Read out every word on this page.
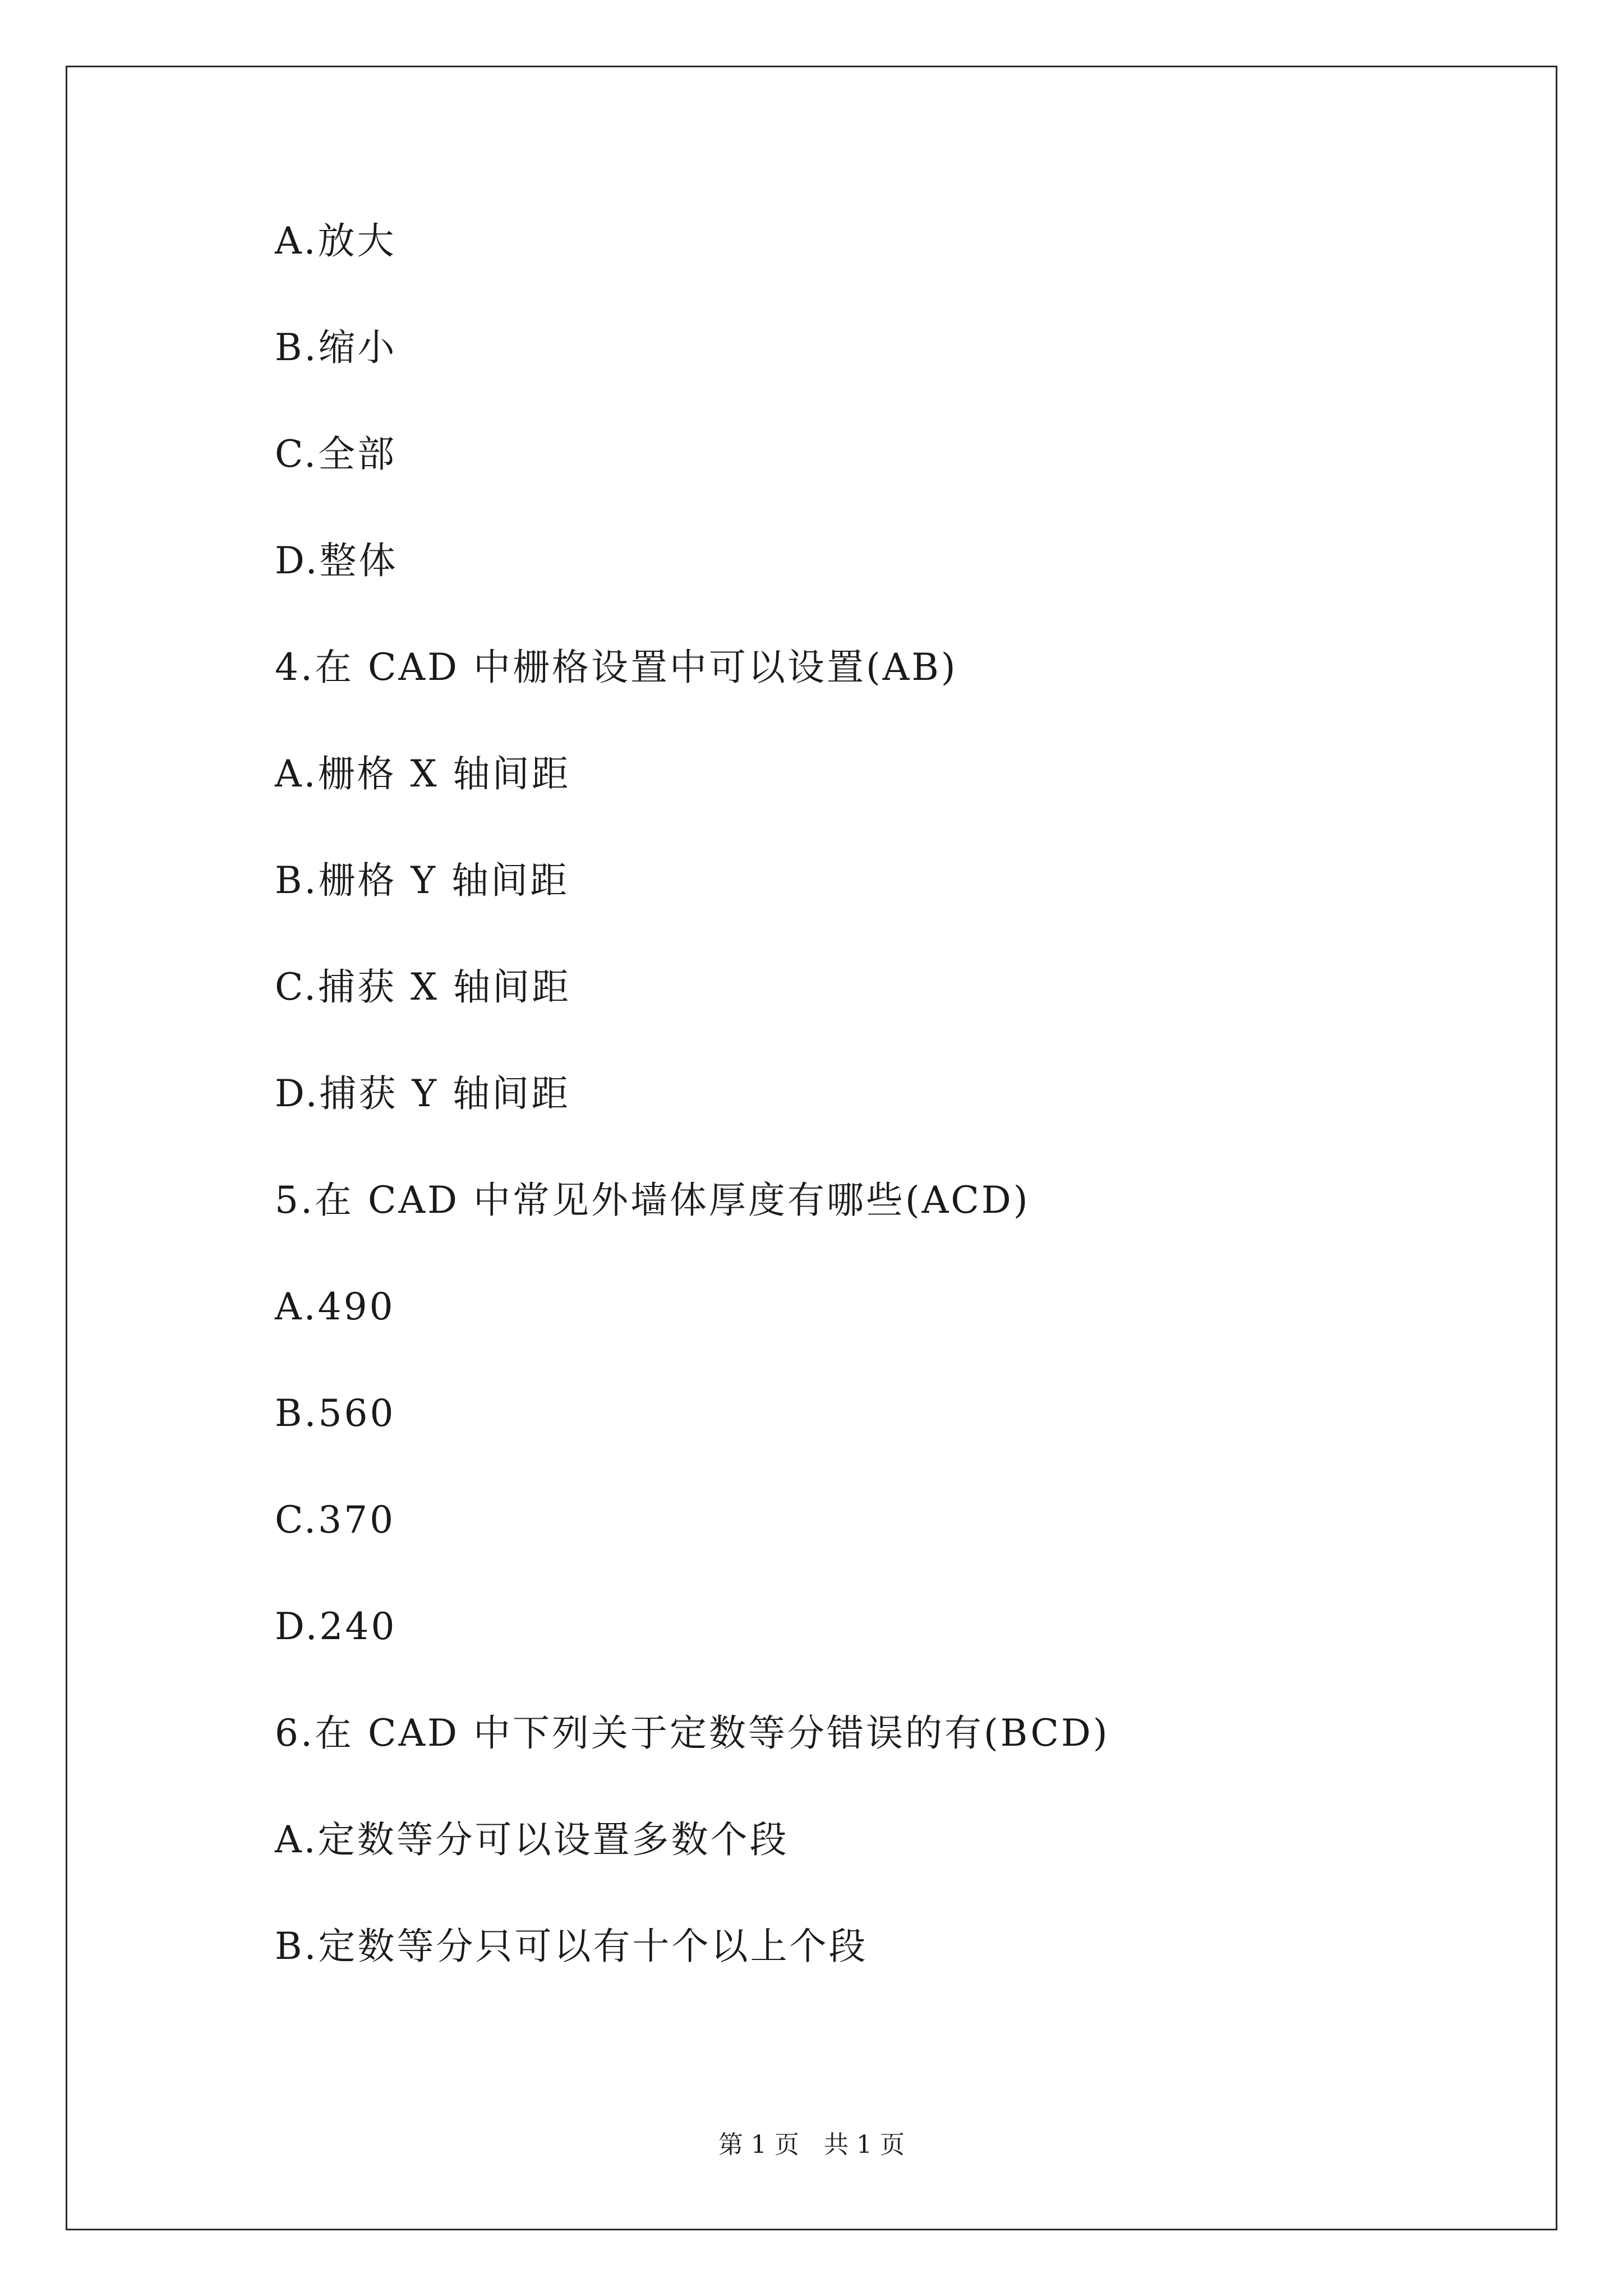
A.放大
B.缩小
C.全部
D.整体
4.在 CAD 中栅格设置中可以设置(AB)
A.栅格 X 轴间距
B.栅格 Y 轴间距
C.捕获 X 轴间距
D.捕获 Y 轴间距
5.在 CAD 中常见外墙体厚度有哪些(ACD)
A.490
B.560
C.370
D.240
6.在 CAD 中下列关于定数等分错误的有(BCD)
A.定数等分可以设置多数个段
B.定数等分只可以有十个以上个段
第 1 页　共 1 页
